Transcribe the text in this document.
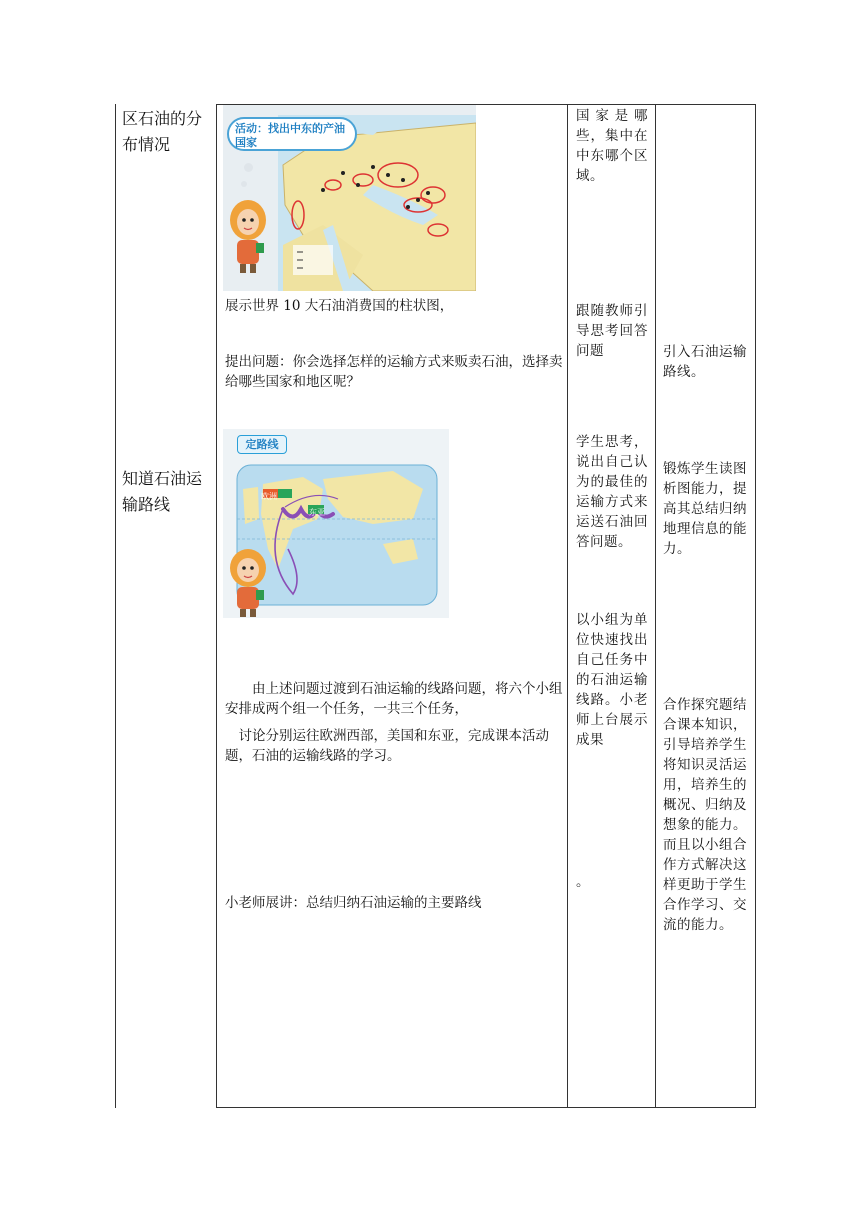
区石油的分布情况
知道石油运输路线
活动：找出中东的产油国家
展示世界 10 大石油消费国的柱状图，
提出问题：你会选择怎样的运输方式来贩卖石油，选择卖给哪些国家和地区呢？
定路线
欧洲
东亚
由上述问题过渡到石油运输的线路问题，将六个小组安排成两个组一个任务，一共三个任务，
讨论分别运往欧洲西部，美国和东亚，完成课本活动题，石油的运输线路的学习。
小老师展讲：总结归纳石油运输的主要路线
国家是哪些，集中在中东哪个区域。
跟随教师引导思考回答问题
学生思考，说出自己认为的最佳的运输方式来运送石油回答问题。
以小组为单位快速找出自己任务中的石油运输线路。小老师上台展示成果
。
引入石油运输路线。
锻炼学生读图析图能力，提高其总结归纳地理信息的能力。
合作探究题结合课本知识，引导培养学生将知识灵活运用，培养生的概况、归纳及想象的能力。而且以小组合作方式解决这样更助于学生合作学习、交流的能力。
